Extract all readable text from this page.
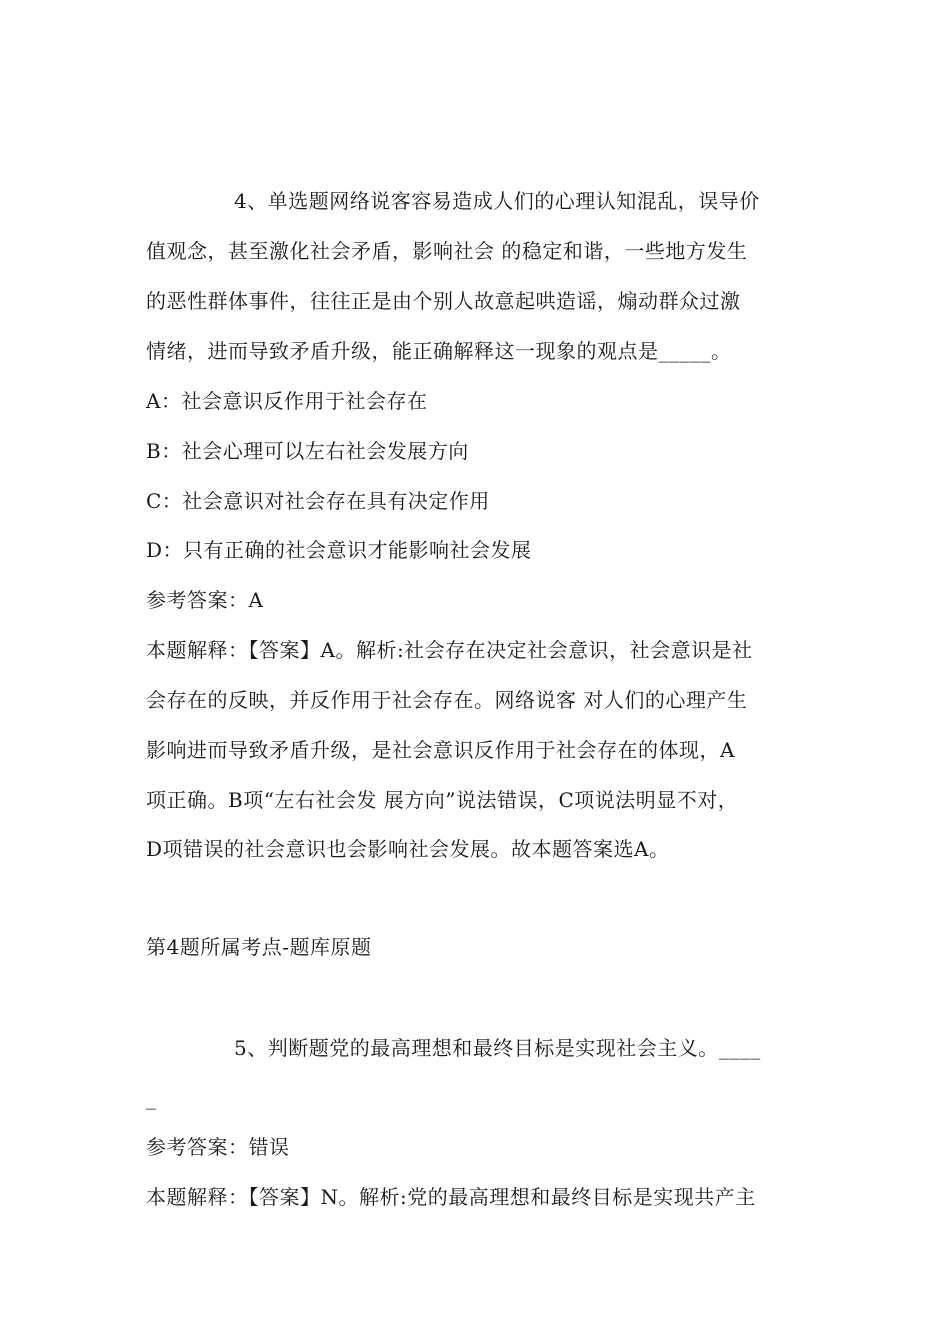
4、单选题网络说客容易造成人们的心理认知混乱，误导价
值观念，甚至激化社会矛盾，影响社会 的稳定和谐，一些地方发生
的恶性群体事件，往往正是由个别人故意起哄造谣，煽动群众过激
情绪，进而导致矛盾升级，能正确解释这一现象的观点是_____。
A：社会意识反作用于社会存在
B：社会心理可以左右社会发展方向
C：社会意识对社会存在具有决定作用
D：只有正确的社会意识才能影响社会发展
参考答案：A
本题解释：【答案】A。解析:社会存在决定社会意识，社会意识是社
会存在的反映，并反作用于社会存在。网络说客 对人们的心理产生
影响进而导致矛盾升级，是社会意识反作用于社会存在的体现，A
项正确。B项“左右社会发 展方向”说法错误，C项说法明显不对，
D项错误的社会意识也会影响社会发展。故本题答案选A。
第4题所属考点-题库原题
5、判断题党的最高理想和最终目标是实现社会主义。____
_
参考答案：错误
本题解释：【答案】N。解析:党的最高理想和最终目标是实现共产主
